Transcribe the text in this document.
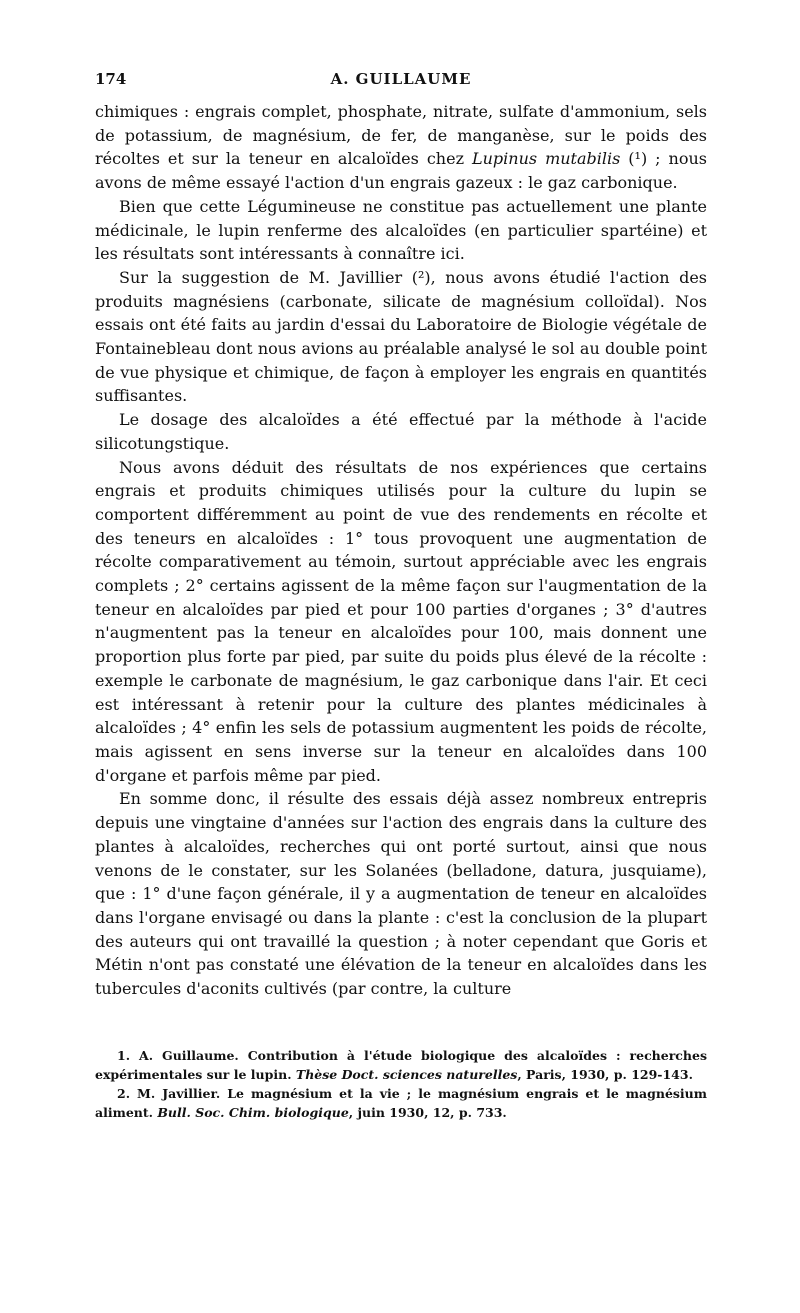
174	A. GUILLAUME

chimiques : engrais complet, phosphate, nitrate, sulfate d'ammonium, sels de potassium, de magnésium, de fer, de manganèse, sur le poids des récoltes et sur la teneur en alcaloïdes chez Lupinus mutabilis (¹) ; nous avons de même essayé l'action d'un engrais gazeux : le gaz carbonique.

Bien que cette Légumineuse ne constitue pas actuellement une plante médicinale, le lupin renferme des alcaloïdes (en particulier spartéine) et les résultats sont intéressants à connaître ici.

Sur la suggestion de M. Javillier (²), nous avons étudié l'action des produits magnésiens (carbonate, silicate de magnésium colloïdal). Nos essais ont été faits au jardin d'essai du Laboratoire de Biologie végétale de Fontainebleau dont nous avions au préalable analysé le sol au double point de vue physique et chimique, de façon à employer les engrais en quantités suffisantes.

Le dosage des alcaloïdes a été effectué par la méthode à l'acide silicotungstique.

Nous avons déduit des résultats de nos expériences que certains engrais et produits chimiques utilisés pour la culture du lupin se comportent différemment au point de vue des rendements en récolte et des teneurs en alcaloïdes : 1° tous provoquent une augmentation de récolte comparativement au témoin, surtout appréciable avec les engrais complets ; 2° certains agissent de la même façon sur l'augmentation de la teneur en alcaloïdes par pied et pour 100 parties d'organes ; 3° d'autres n'augmentent pas la teneur en alcaloïdes pour 100, mais donnent une proportion plus forte par pied, par suite du poids plus élevé de la récolte : exemple le carbonate de magnésium, le gaz carbonique dans l'air. Et ceci est intéressant à retenir pour la culture des plantes médicinales à alcaloïdes ; 4° enfin les sels de potassium augmentent les poids de récolte, mais agissent en sens inverse sur la teneur en alcaloïdes dans 100 d'organe et parfois même par pied.

En somme donc, il résulte des essais déjà assez nombreux entrepris depuis une vingtaine d'années sur l'action des engrais dans la culture des plantes à alcaloïdes, recherches qui ont porté surtout, ainsi que nous venons de le constater, sur les Solanées (belladone, datura, jusquiame), que : 1° d'une façon générale, il y a augmentation de teneur en alcaloïdes dans l'organe envisagé ou dans la plante : c'est la conclusion de la plupart des auteurs qui ont travaillé la question ; à noter cependant que Goris et Métin n'ont pas constaté une élévation de la teneur en alcaloïdes dans les tubercules d'aconits cultivés (par contre, la culture

1. A. Guillaume. Contribution à l'étude biologique des alcaloïdes : recherches expérimentales sur le lupin. Thèse Doct. sciences naturelles, Paris, 1930, p. 129-143.

2. M. Javillier. Le magnésium et la vie ; le magnésium engrais et le magnésium aliment. Bull. Soc. Chim. biologique, juin 1930, 12, p. 733.
